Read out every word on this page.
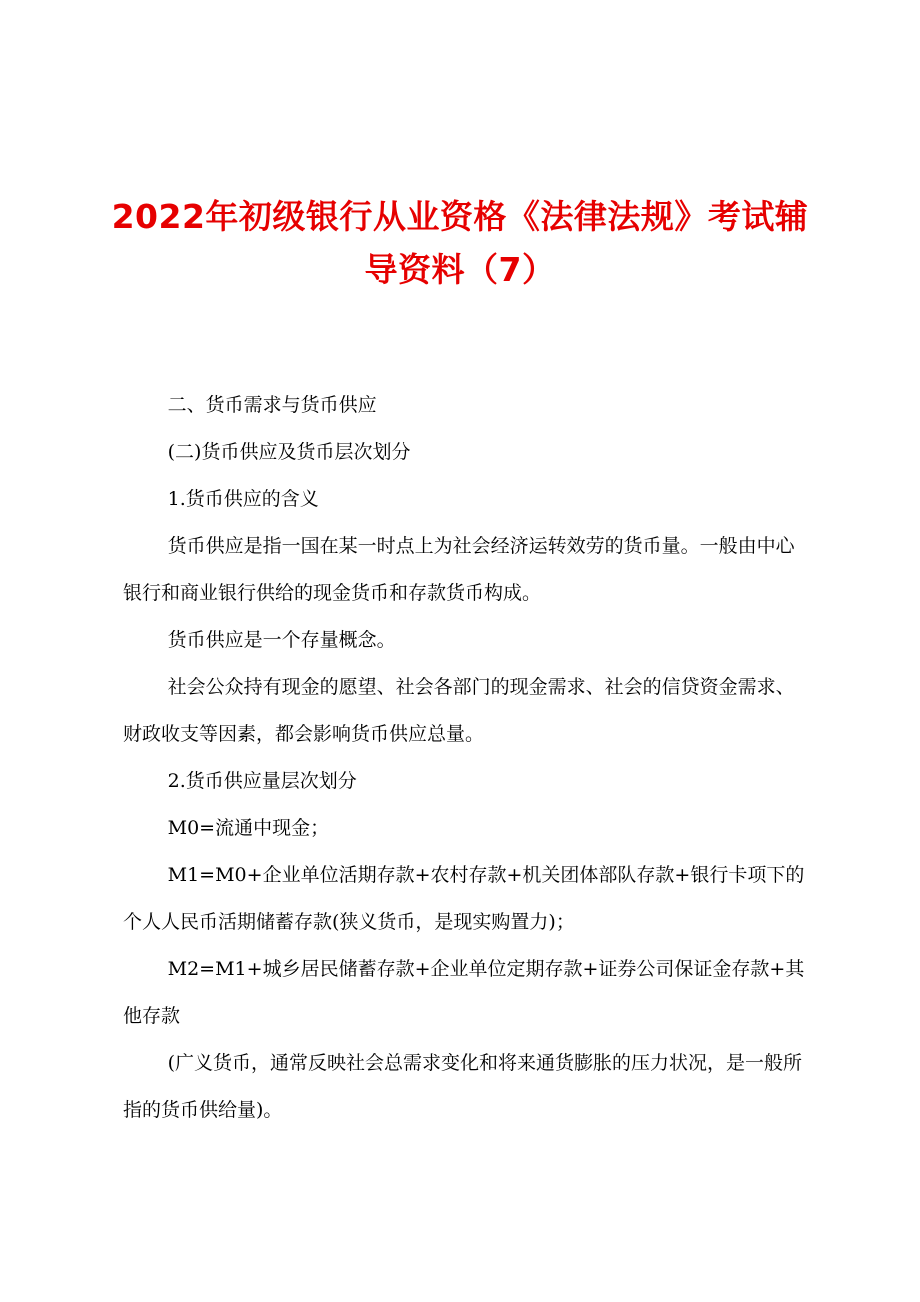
2022年初级银行从业资格《法律法规》考试辅
导资料（7）

二、货币需求与货币供应

(二)货币供应及货币层次划分

1.货币供应的含义

货币供应是指一国在某一时点上为社会经济运转效劳的货币量。一般由中心银行和商业银行供给的现金货币和存款货币构成。

货币供应是一个存量概念。

社会公众持有现金的愿望、社会各部门的现金需求、社会的信贷资金需求、财政收支等因素，都会影响货币供应总量。

2.货币供应量层次划分

M0=流通中现金；

M1=M0+企业单位活期存款+农村存款+机关团体部队存款+银行卡项下的个人人民币活期储蓄存款(狭义货币，是现实购置力)；

M2=M1+城乡居民储蓄存款+企业单位定期存款+证券公司保证金存款+其他存款

(广义货币，通常反映社会总需求变化和将来通货膨胀的压力状况，是一般所指的货币供给量)。
